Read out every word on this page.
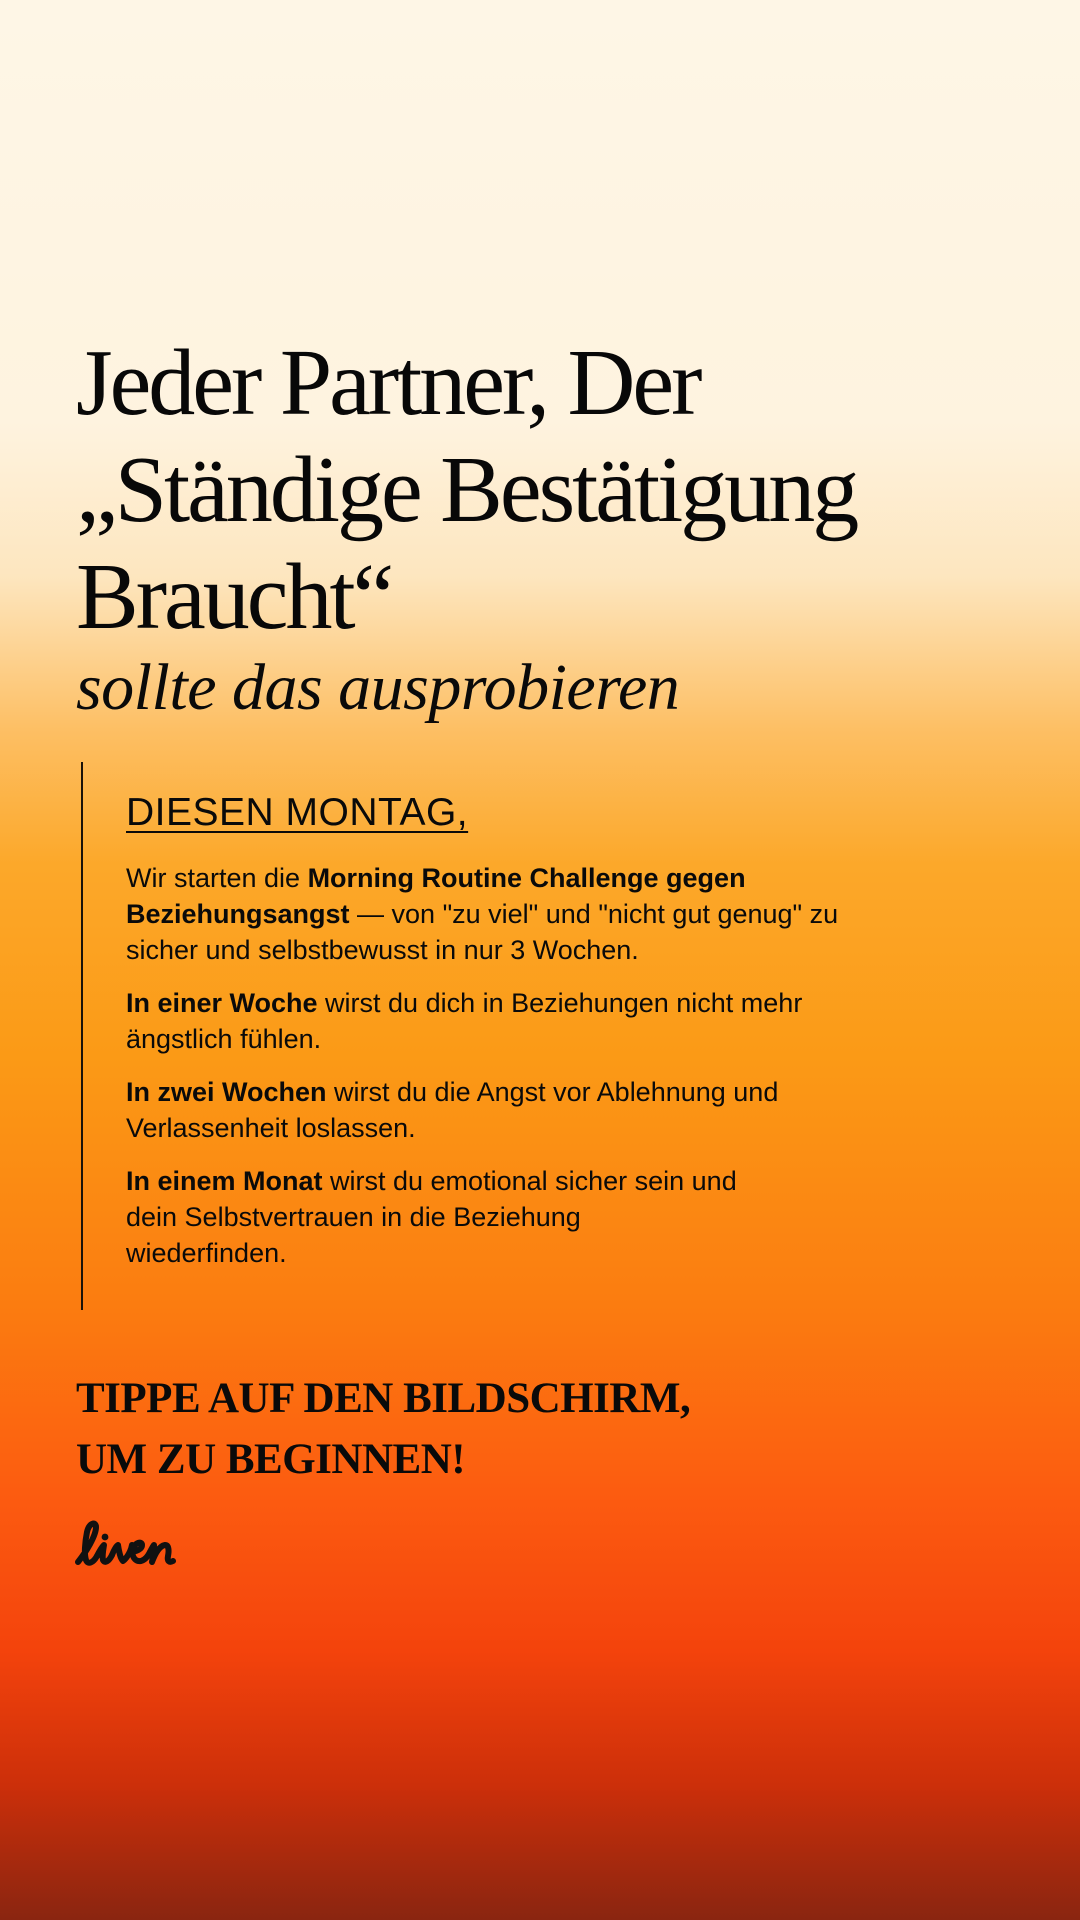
Jeder Partner, Der
„Ständige Bestätigung
Braucht“

sollte das ausprobieren

DIESEN MONTAG,

Wir starten die Morning Routine Challenge gegen Beziehungsangst — von "zu viel" und "nicht gut genug" zu sicher und selbstbewusst in nur 3 Wochen.

In einer Woche wirst du dich in Beziehungen nicht mehr ängstlich fühlen.

In zwei Wochen wirst du die Angst vor Ablehnung und Verlassenheit loslassen.

In einem Monat wirst du emotional sicher sein und dein Selbstvertrauen in die Beziehung wiederfinden.

TIPPE AUF DEN BILDSCHIRM,
UM ZU BEGINNEN!
